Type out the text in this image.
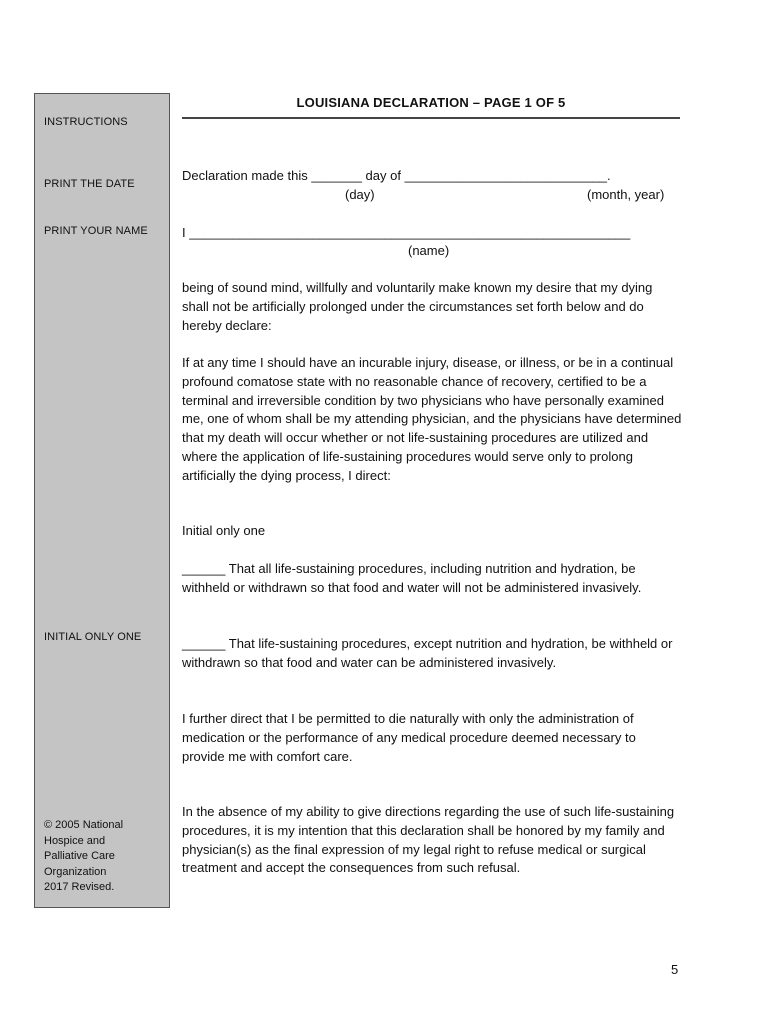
INSTRUCTIONS
PRINT THE DATE
PRINT YOUR NAME
INITIAL ONLY ONE
© 2005 National
Hospice and
Palliative Care
Organization
2017 Revised.
LOUISIANA DECLARATION – PAGE 1 OF 5
Declaration made this _______ day of ____________________________.
(day)	(month, year)
I _____________________________________________________________
(name)
being of sound mind, willfully and voluntarily make known my desire that my dying shall not be artificially prolonged under the circumstances set forth below and do hereby declare:
If at any time I should have an incurable injury, disease, or illness, or be in a continual profound comatose state with no reasonable chance of recovery, certified to be a terminal and irreversible condition by two physicians who have personally examined me, one of whom shall be my attending physician, and the physicians have determined that my death will occur whether or not life-sustaining procedures are utilized and where the application of life-sustaining procedures would serve only to prolong artificially the dying process, I direct:
Initial only one
______ That all life-sustaining procedures, including nutrition and hydration, be withheld or withdrawn so that food and water will not be administered invasively.
______ That life-sustaining procedures, except nutrition and hydration, be withheld or withdrawn so that food and water can be administered invasively.
I further direct that I be permitted to die naturally with only the administration of medication or the performance of any medical procedure deemed necessary to provide me with comfort care.
In the absence of my ability to give directions regarding the use of such life-sustaining procedures, it is my intention that this declaration shall be honored by my family and physician(s) as the final expression of my legal right to refuse medical or surgical treatment and accept the consequences from such refusal.
5
